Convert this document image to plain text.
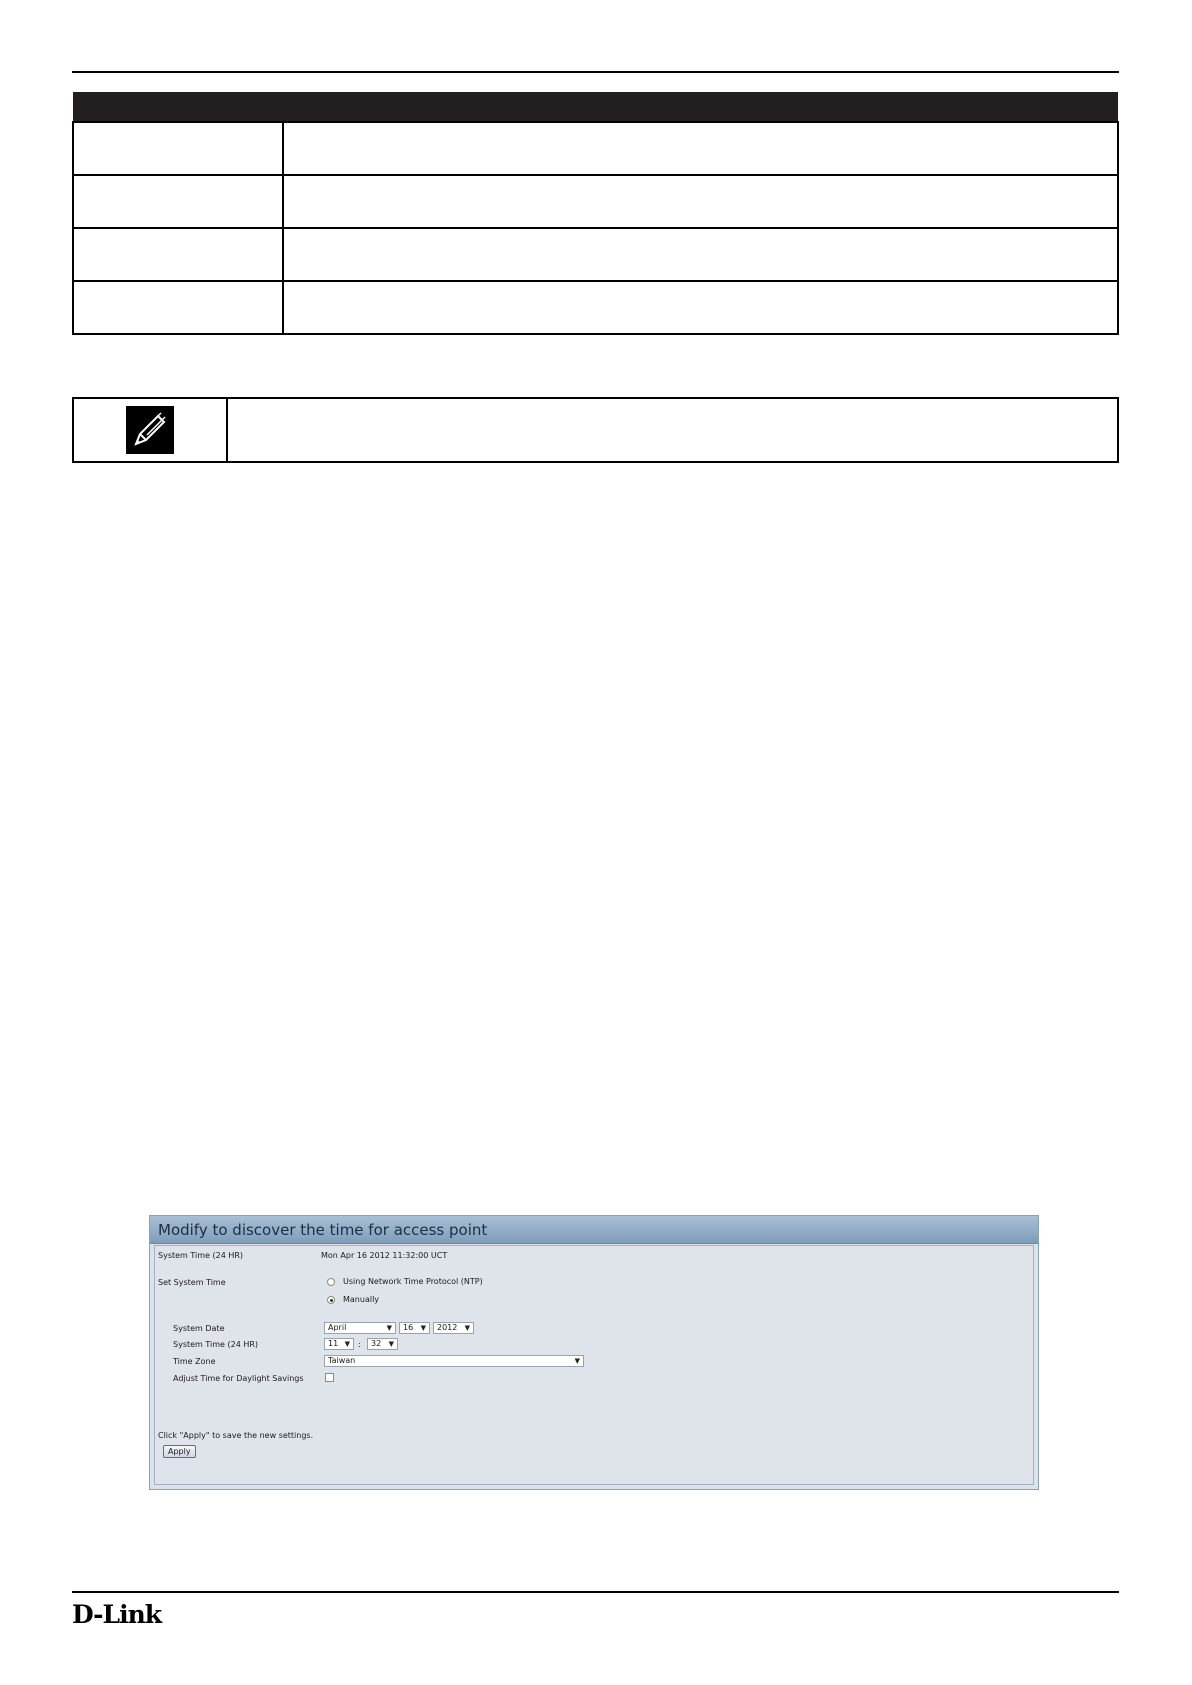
Modify to discover the time for access point
System Time (24 HR)	Mon Apr 16 2012 11:32:00 UCT
Set System Time	Using Network Time Protocol (NTP)
Manually
System Date	April	▼	16 ▼	2012 ▼
System Time (24 HR)	11 ▼ :	32 ▼
Time Zone	Taiwan	▼
Adjust Time for Daylight Savings
Click "Apply" to save the new settings.
Apply
D-Link
